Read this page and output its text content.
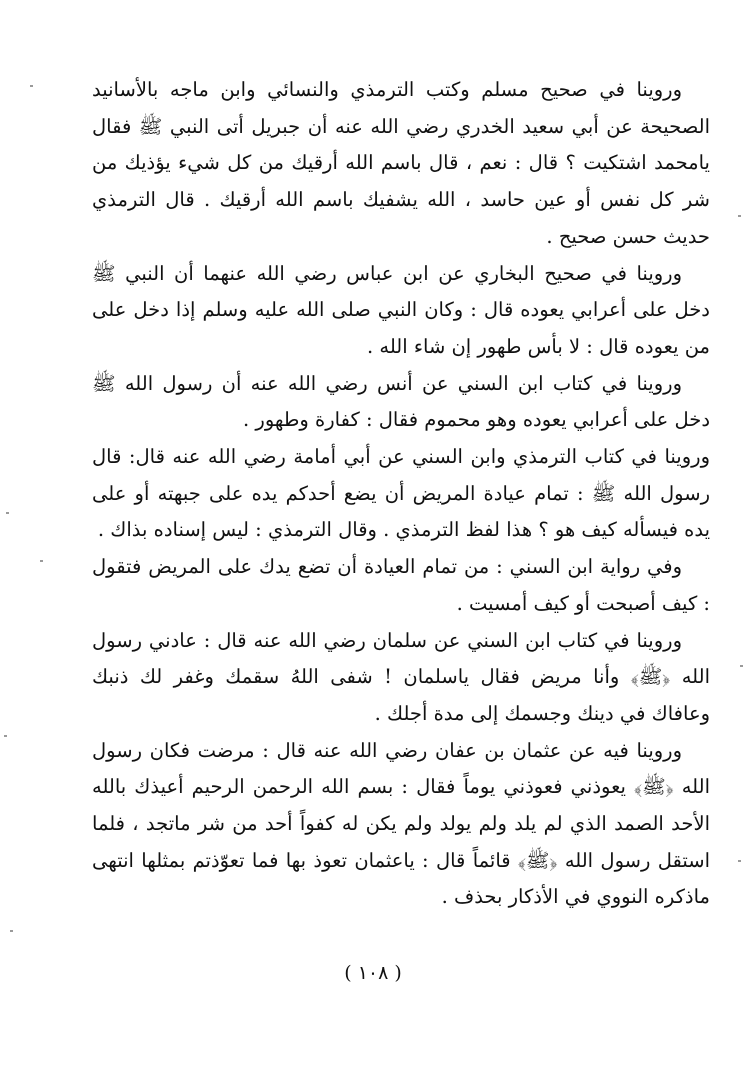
وروينا في صحيح مسلم وكتب الترمذي والنسائي وابن ماجه بالأسانيد الصحيحة عن أبي سعيد الخدري رضي الله عنه أن جبريل أتى النبي ﷺ فقال يامحمد اشتكيت ؟ قال : نعم ، قال باسم الله أرقيك من كل شيء يؤذيك من شر كل نفس أو عين حاسد ، الله يشفيك باسم الله أرقيك . قال الترمذي حديث حسن صحيح .

وروينا في صحيح البخاري عن ابن عباس رضي الله عنهما أن النبي ﷺ دخل على أعرابي يعوده قال : وكان النبي صلى الله عليه وسلم إذا دخل على من يعوده قال : لا بأس طهور إن شاء الله .

وروينا في كتاب ابن السني عن أنس رضي الله عنه أن رسول الله ﷺ دخل على أعرابي يعوده وهو محموم فقال : كفارة وطهور .

وروينا في كتاب الترمذي وابن السني عن أبي أمامة رضي الله عنه قال: قال رسول الله ﷺ : تمام عيادة المريض أن يضع أحدكم يده على جبهته أو على يده فيسأله كيف هو ؟ هذا لفظ الترمذي . وقال الترمذي : ليس إسناده بذاك .

وفي رواية ابن السني : من تمام العيادة أن تضع يدك على المريض فتقول : كيف أصبحت أو كيف أمسيت .

وروينا في كتاب ابن السني عن سلمان رضي الله عنه قال : عادني رسول الله ﴿ﷺ﴾ وأنا مريض فقال ياسلمان ! شفى اللهُ سقمك وغفر لك ذنبك وعافاك في دينك وجسمك إلى مدة أجلك .

وروينا فيه عن عثمان بن عفان رضي الله عنه قال : مرضت فكان رسول الله ﴿ﷺ﴾ يعوذني فعوذني يوماً فقال : بسم الله الرحمن الرحيم أعيذك بالله الأحد الصمد الذي لم يلد ولم يولد ولم يكن له كفواً أحد من شر ماتجد ، فلما استقل رسول الله ﴿ﷺ﴾ قائماً قال : ياعثمان تعوذ بها فما تعوّذتم بمثلها انتهى ماذكره النووي في الأذكار بحذف .

( ١٠٨ )
